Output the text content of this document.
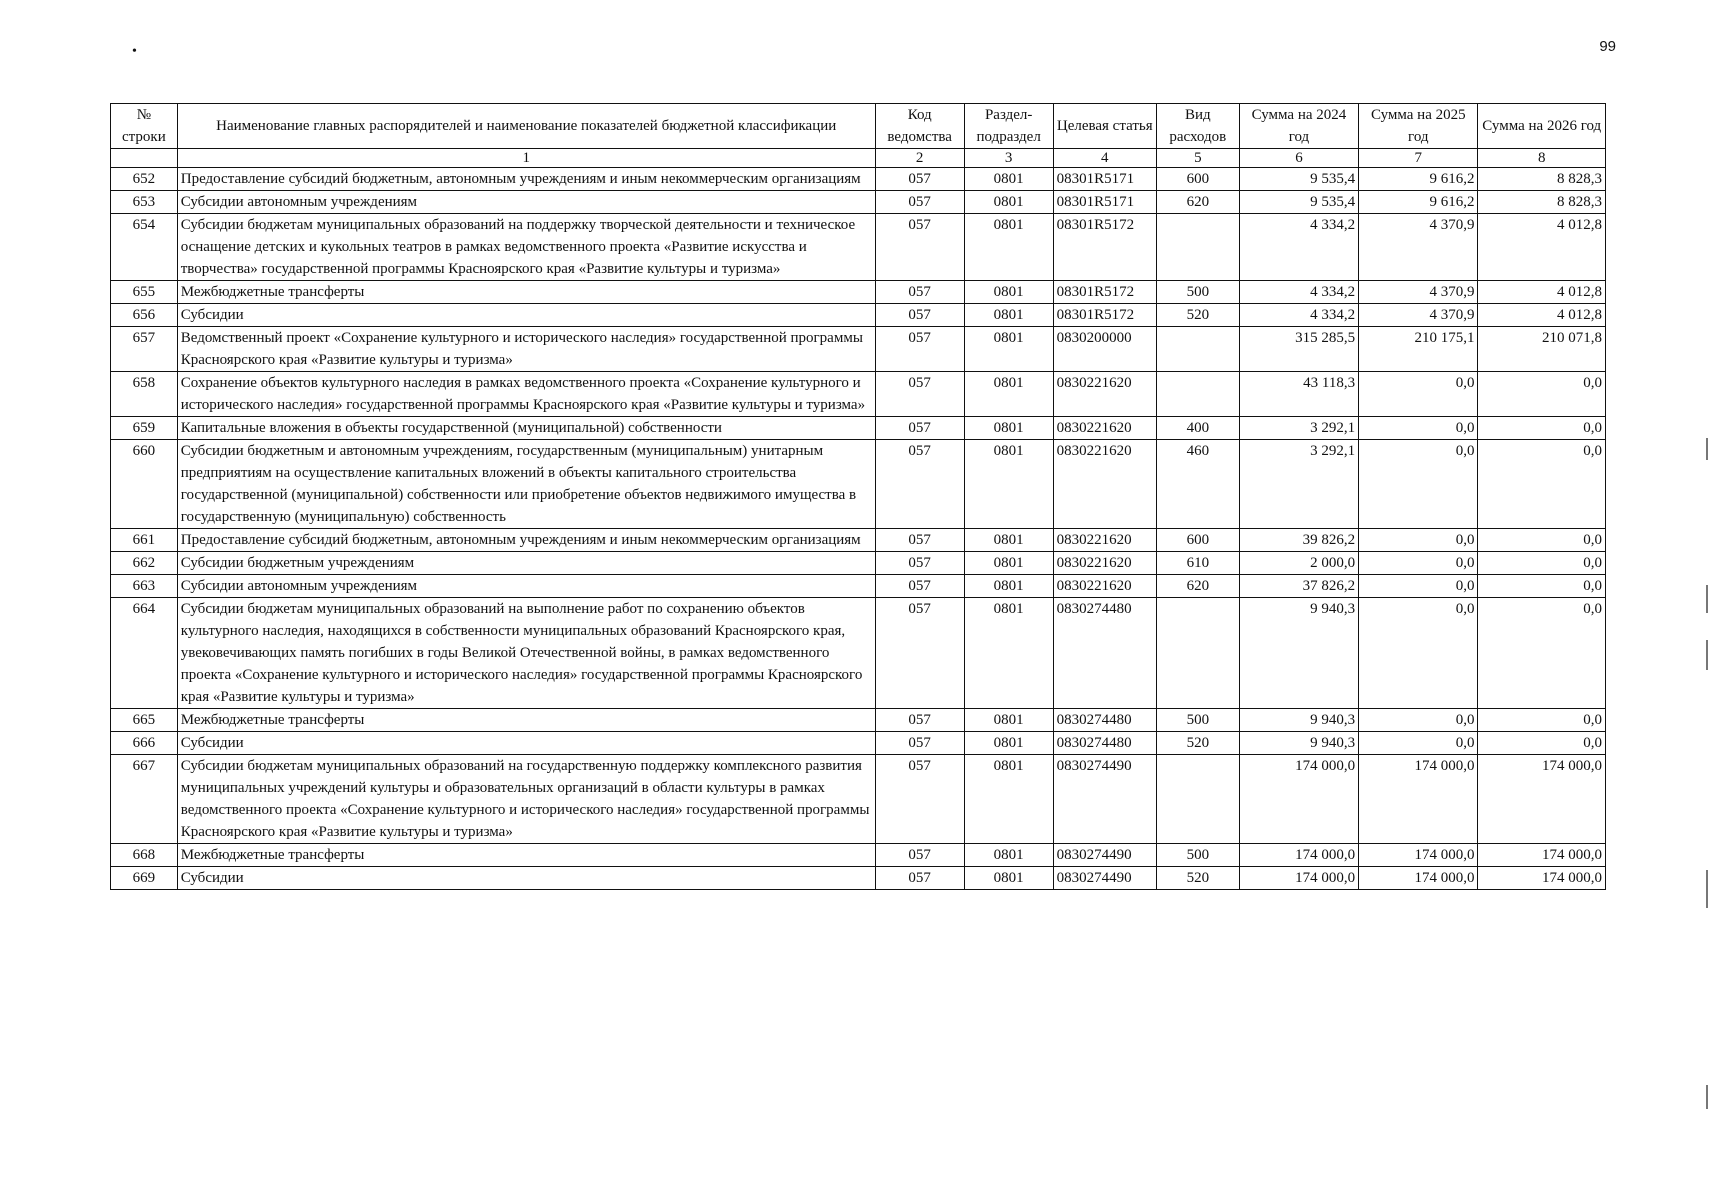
99
•
№ строки	Наименование главных распорядителей и наименование показателей бюджетной классификации	Код ведомства	Раздел-подраздел	Целевая статья	Вид расходов	Сумма на 2024 год	Сумма на 2025 год	Сумма на 2026 год
	1	2	3	4	5	6	7	8
652	Предоставление субсидий бюджетным, автономным учреждениям и иным некоммерческим организациям	057	0801	08301R5171	600	9 535,4	9 616,2	8 828,3
653	Субсидии автономным учреждениям	057	0801	08301R5171	620	9 535,4	9 616,2	8 828,3
654	Субсидии бюджетам муниципальных образований на поддержку творческой деятельности и техническое оснащение детских и кукольных театров в рамках ведомственного проекта «Развитие искусства и творчества» государственной программы Красноярского края «Развитие культуры и туризма»	057	0801	08301R5172		4 334,2	4 370,9	4 012,8
655	Межбюджетные трансферты	057	0801	08301R5172	500	4 334,2	4 370,9	4 012,8
656	Субсидии	057	0801	08301R5172	520	4 334,2	4 370,9	4 012,8
657	Ведомственный проект «Сохранение культурного и исторического наследия» государственной программы Красноярского края «Развитие культуры и туризма»	057	0801	0830200000		315 285,5	210 175,1	210 071,8
658	Сохранение объектов культурного наследия в рамках ведомственного проекта «Сохранение культурного и исторического наследия» государственной программы Красноярского края «Развитие культуры и туризма»	057	0801	0830221620		43 118,3	0,0	0,0
659	Капитальные вложения в объекты государственной (муниципальной) собственности	057	0801	0830221620	400	3 292,1	0,0	0,0
660	Субсидии бюджетным и автономным учреждениям, государственным (муниципальным) унитарным предприятиям на осуществление капитальных вложений в объекты капитального строительства государственной (муниципальной) собственности или приобретение объектов недвижимого имущества в государственную (муниципальную) собственность	057	0801	0830221620	460	3 292,1	0,0	0,0
661	Предоставление субсидий бюджетным, автономным учреждениям и иным некоммерческим организациям	057	0801	0830221620	600	39 826,2	0,0	0,0
662	Субсидии бюджетным учреждениям	057	0801	0830221620	610	2 000,0	0,0	0,0
663	Субсидии автономным учреждениям	057	0801	0830221620	620	37 826,2	0,0	0,0
664	Субсидии бюджетам муниципальных образований на выполнение работ по сохранению объектов культурного наследия, находящихся в собственности муниципальных образований Красноярского края, увековечивающих память погибших в годы Великой Отечественной войны, в рамках ведомственного проекта «Сохранение культурного и исторического наследия» государственной программы Красноярского края «Развитие культуры и туризма»	057	0801	0830274480		9 940,3	0,0	0,0
665	Межбюджетные трансферты	057	0801	0830274480	500	9 940,3	0,0	0,0
666	Субсидии	057	0801	0830274480	520	9 940,3	0,0	0,0
667	Субсидии бюджетам муниципальных образований на государственную поддержку комплексного развития муниципальных учреждений культуры и образовательных организаций в области культуры в рамках ведомственного проекта «Сохранение культурного и исторического наследия» государственной программы Красноярского края «Развитие культуры и туризма»	057	0801	0830274490		174 000,0	174 000,0	174 000,0
668	Межбюджетные трансферты	057	0801	0830274490	500	174 000,0	174 000,0	174 000,0
669	Субсидии	057	0801	0830274490	520	174 000,0	174 000,0	174 000,0
